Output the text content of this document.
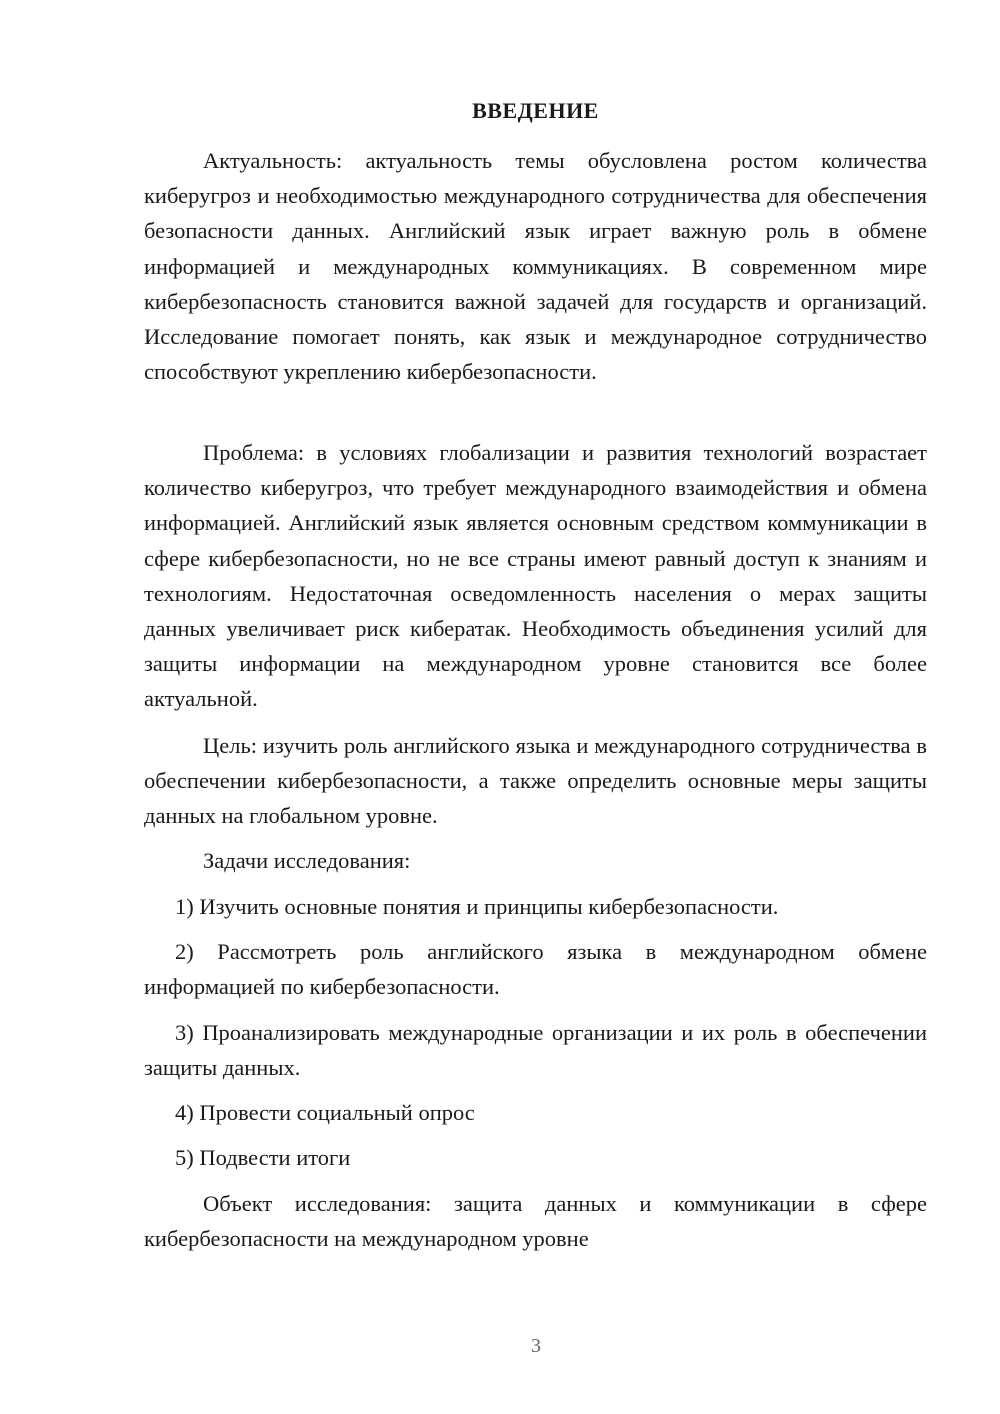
ВВЕДЕНИЕ

Актуальность: актуальность темы обусловлена ростом количества киберугроз и необходимостью международного сотрудничества для обеспечения безопасности данных. Английский язык играет важную роль в обмене информацией и международных коммуникациях. В современном мире кибербезопасность становится важной задачей для государств и организаций. Исследование помогает понять, как язык и международное сотрудничество способствуют укреплению кибербезопасности.

Проблема: в условиях глобализации и развития технологий возрастает количество киберугроз, что требует международного взаимодействия и обмена информацией. Английский язык является основным средством коммуникации в сфере кибербезопасности, но не все страны имеют равный доступ к знаниям и технологиям. Недостаточная осведомленность населения о мерах защиты данных увеличивает риск кибератак. Необходимость объединения усилий для защиты информации на международном уровне становится все более актуальной.

Цель: изучить роль английского языка и международного сотрудничества в обеспечении кибербезопасности, а также определить основные меры защиты данных на глобальном уровне.

Задачи исследования:

1) Изучить основные понятия и принципы кибербезопасности.

2) Рассмотреть роль английского языка в международном обмене информацией по кибербезопасности.

3) Проанализировать международные организации и их роль в обеспечении защиты данных.

4) Провести социальный опрос

5) Подвести итоги

Объект исследования: защита данных и коммуникации в сфере кибербезопасности на международном уровне

3
